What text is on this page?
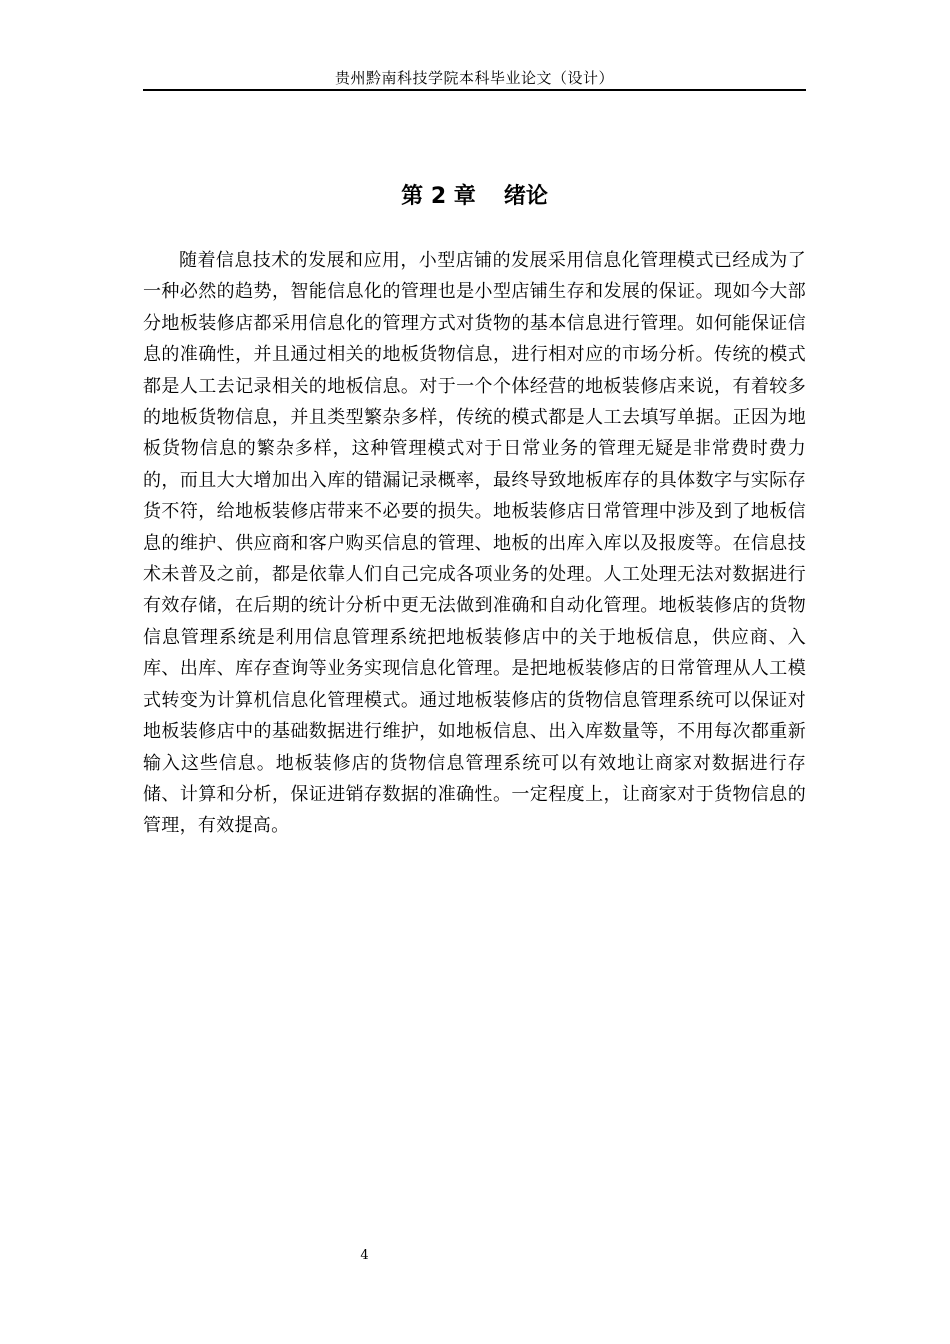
贵州黔南科技学院本科毕业论文（设计）
第 2 章 绪论

随着信息技术的发展和应用，小型店铺的发展采用信息化管理模式已经成为了一种必然的趋势，智能信息化的管理也是小型店铺生存和发展的保证。现如今大部分地板装修店都采用信息化的管理方式对货物的基本信息进行管理。如何能保证信息的准确性，并且通过相关的地板货物信息，进行相对应的市场分析。传统的模式都是人工去记录相关的地板信息。对于一个个体经营的地板装修店来说，有着较多的地板货物信息，并且类型繁杂多样，传统的模式都是人工去填写单据。正因为地板货物信息的繁杂多样，这种管理模式对于日常业务的管理无疑是非常费时费力的，而且大大增加出入库的错漏记录概率，最终导致地板库存的具体数字与实际存货不符，给地板装修店带来不必要的损失。地板装修店日常管理中涉及到了地板信息的维护、供应商和客户购买信息的管理、地板的出库入库以及报废等。在信息技术未普及之前，都是依靠人们自己完成各项业务的处理。人工处理无法对数据进行有效存储，在后期的统计分析中更无法做到准确和自动化管理。地板装修店的货物信息管理系统是利用信息管理系统把地板装修店中的关于地板信息，供应商、入库、出库、库存查询等业务实现信息化管理。是把地板装修店的日常管理从人工模式转变为计算机信息化管理模式。通过地板装修店的货物信息管理系统可以保证对地板装修店中的基础数据进行维护，如地板信息、出入库数量等，不用每次都重新输入这些信息。地板装修店的货物信息管理系统可以有效地让商家对数据进行存储、计算和分析，保证进销存数据的准确性。一定程度上，让商家对于货物信息的管理，有效提高。

4
